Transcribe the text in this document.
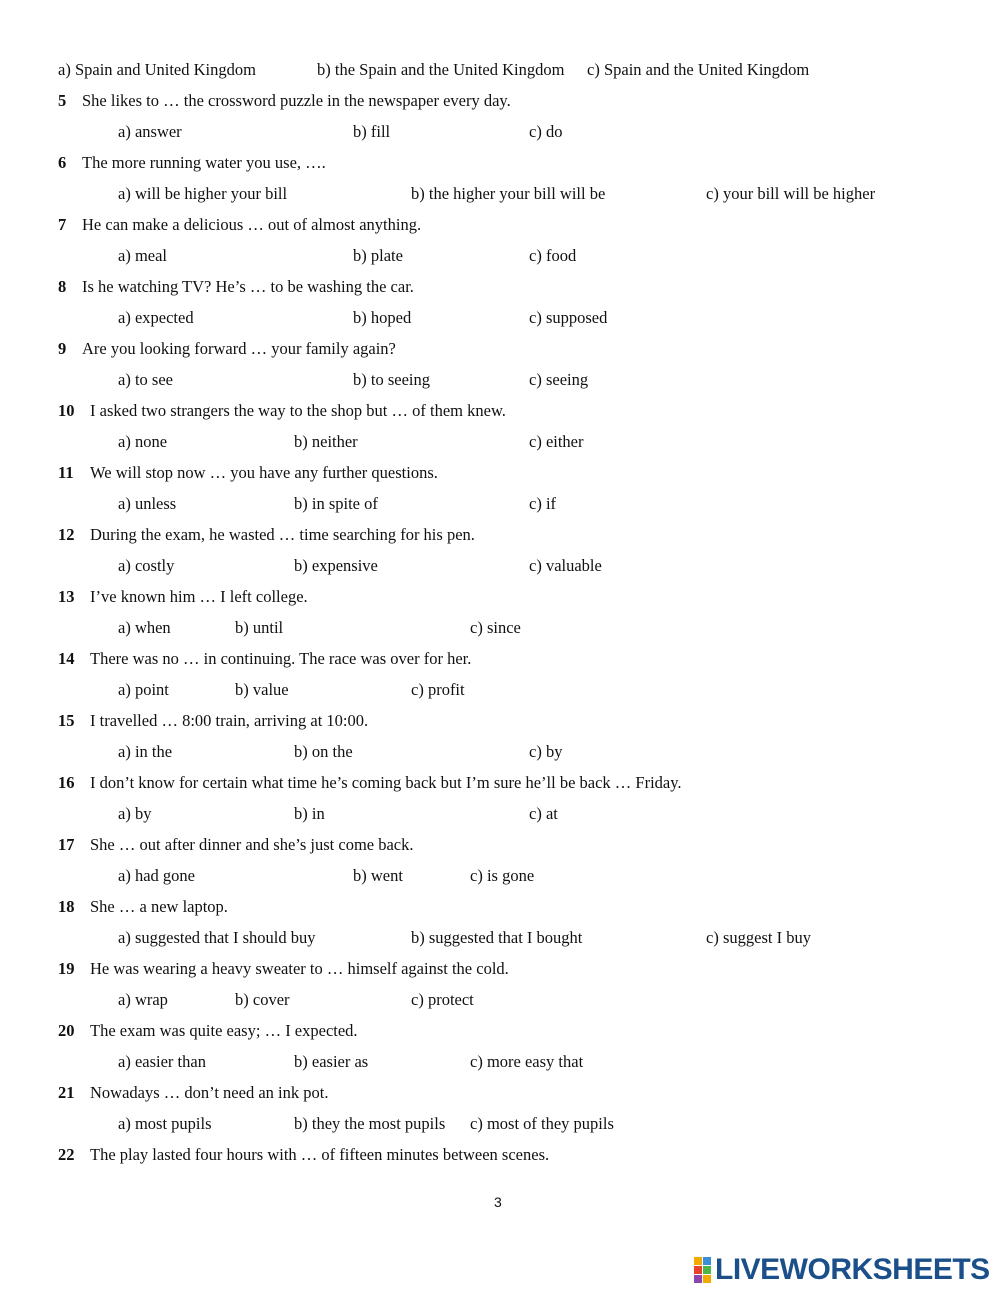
a) Spain and United Kingdom	b) the Spain and the United Kingdom c) Spain and the United Kingdom
5 She likes to … the crossword puzzle in the newspaper every day.
a) answer	b) fill	c) do
6 The more running water you use, ….
a) will be higher your bill	b) the higher your bill will be	c) your bill will be higher
7 He can make a delicious … out of almost anything.
a) meal	b) plate	c) food
8 Is he watching TV? He’s … to be washing the car.
a) expected	b) hoped	c) supposed
9 Are you looking forward … your family again?
a) to see	b) to seeing	c) seeing
10 I asked two strangers the way to the shop but … of them knew.
a) none	b) neither	c) either
11 We will stop now … you have any further questions.
a) unless	b) in spite of	c) if
12 During the exam, he wasted … time searching for his pen.
a) costly	b) expensive	c) valuable
13 I’ve known him … I left college.
a) when	b) until	c) since
14 There was no … in continuing. The race was over for her.
a) point	b) value	c) profit
15 I travelled … 8:00 train, arriving at 10:00.
a) in the	b) on the	c) by
16 I don’t know for certain what time he’s coming back but I’m sure he’ll be back … Friday.
a) by	b) in	c) at
17 She … out after dinner and she’s just come back.
a) had gone	b) went	c) is gone
18 She … a new laptop.
a) suggested that I should buy	b) suggested that I bought	c) suggest I buy
19 He was wearing a heavy sweater to … himself against the cold.
a) wrap	b) cover	c) protect
20 The exam was quite easy; … I expected.
a) easier than	b) easier as	c) more easy that
21 Nowadays … don’t need an ink pot.
a) most pupils	b) they the most pupils c) most of they pupils
22 The play lasted four hours with … of fifteen minutes between scenes.
3
LIVEWORKSHEETS
